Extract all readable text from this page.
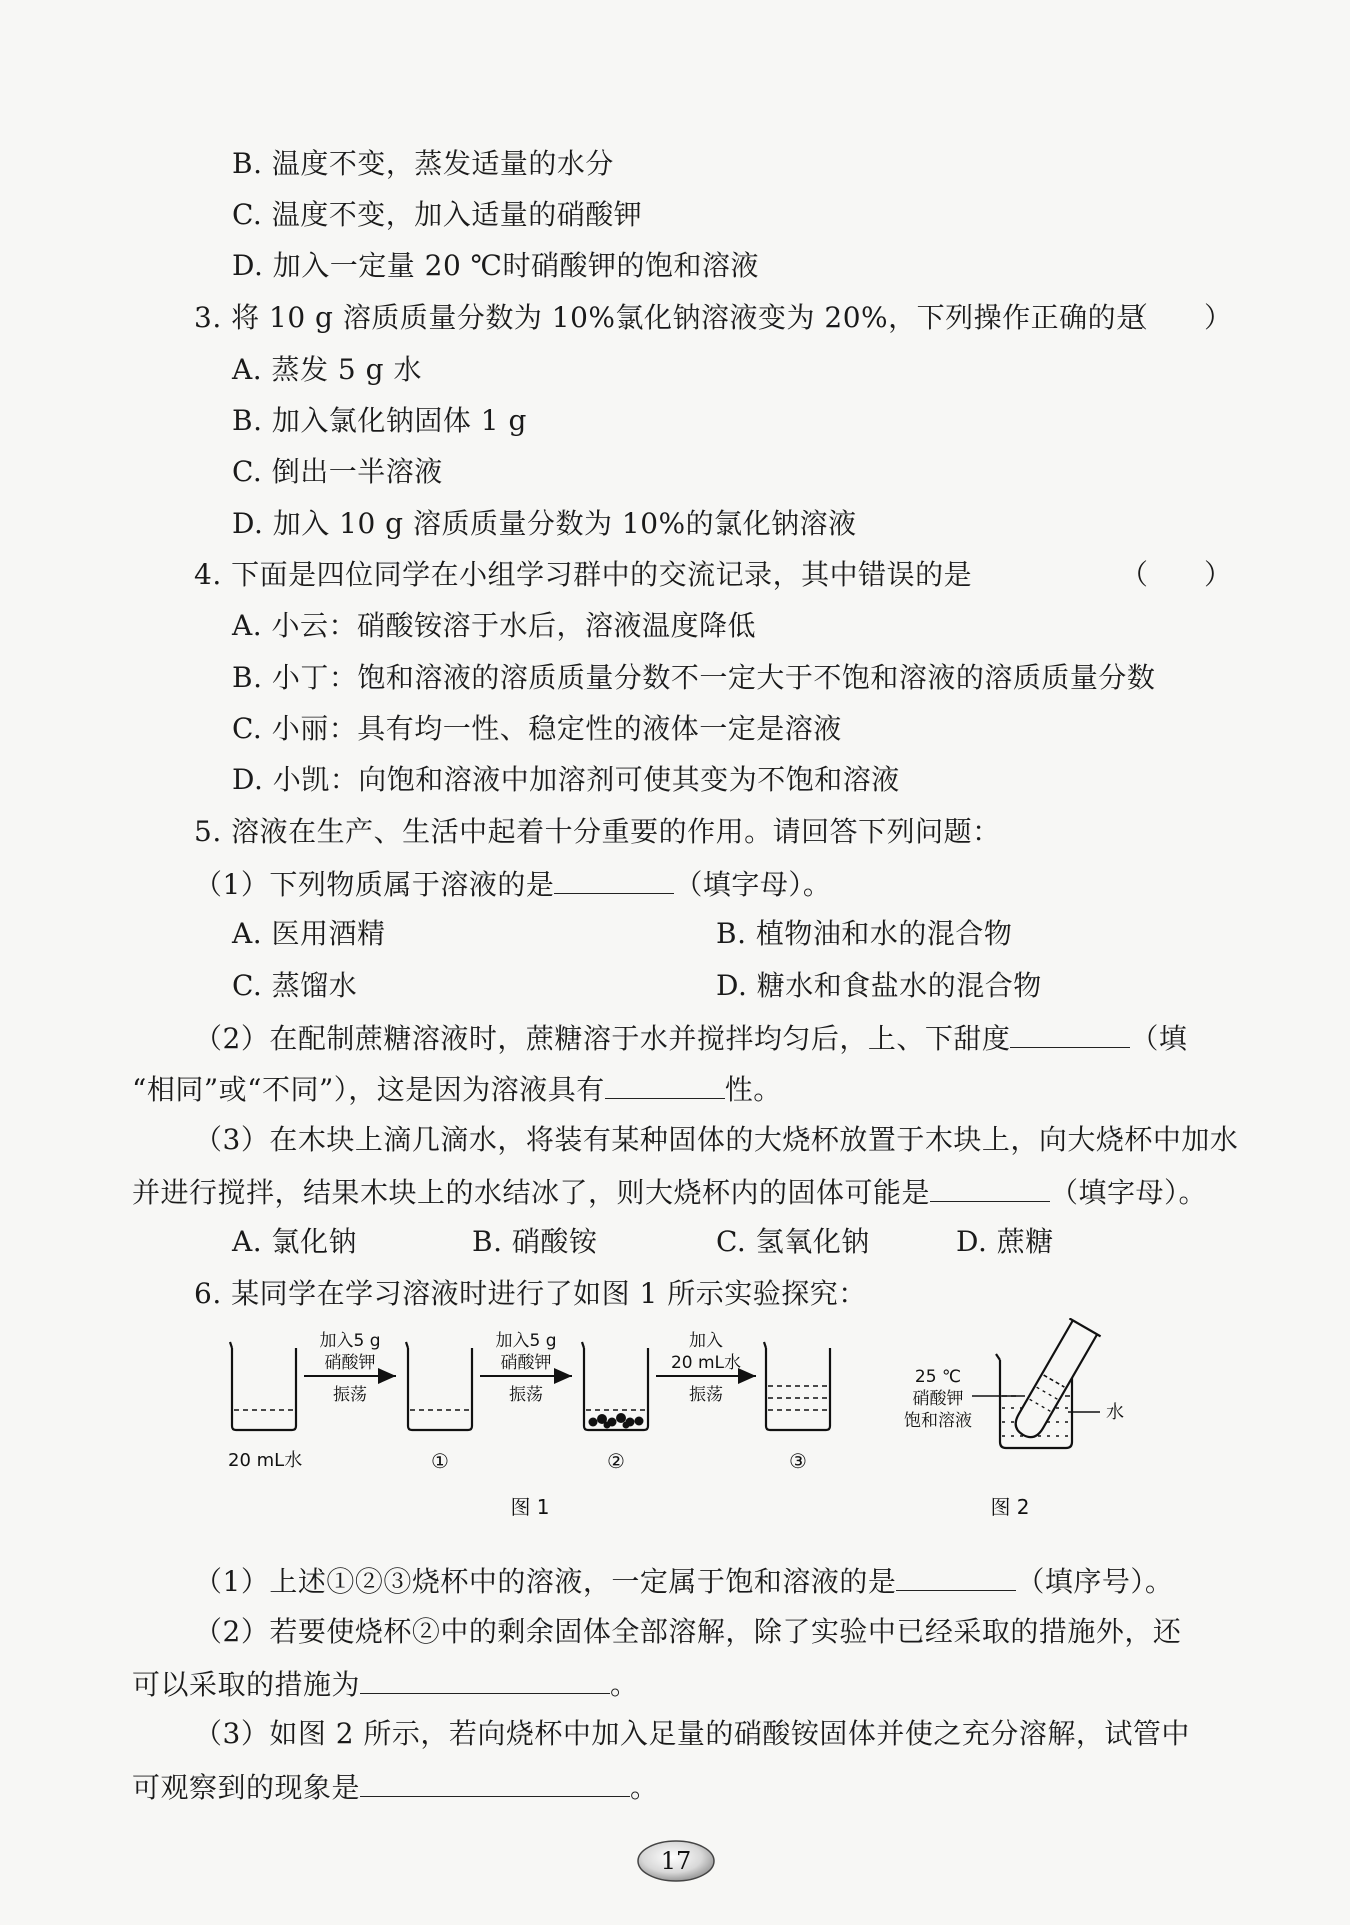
B. 温度不变，蒸发适量的水分
C. 温度不变，加入适量的硝酸钾
D. 加入一定量 20 ℃时硝酸钾的饱和溶液
3. 将 10 g 溶质质量分数为 10%氯化钠溶液变为 20%，下列操作正确的是
（　　）
A. 蒸发 5 g 水
B. 加入氯化钠固体 1 g
C. 倒出一半溶液
D. 加入 10 g 溶质质量分数为 10%的氯化钠溶液
4. 下面是四位同学在小组学习群中的交流记录，其中错误的是	（　　）
A. 小云：硝酸铵溶于水后，溶液温度降低
B. 小丁：饱和溶液的溶质质量分数不一定大于不饱和溶液的溶质质量分数
C. 小丽：具有均一性、稳定性的液体一定是溶液
D. 小凯：向饱和溶液中加溶剂可使其变为不饱和溶液
5. 溶液在生产、生活中起着十分重要的作用。请回答下列问题：
（1）下列物质属于溶液的是	（填字母）。
A. 医用酒精	B. 植物油和水的混合物
C. 蒸馏水	D. 糖水和食盐水的混合物
（2）在配制蔗糖溶液时，蔗糖溶于水并搅拌均匀后，上、下甜度	（填
“相同”或“不同”），这是因为溶液具有	性。
（3）在木块上滴几滴水，将装有某种固体的大烧杯放置于木块上，向大烧杯中加水
并进行搅拌，结果木块上的水结冰了，则大烧杯内的固体可能是	（填字母）。
A. 氯化钠	B. 硝酸铵	C. 氢氧化钠	D. 蔗糖
6. 某同学在学习溶液时进行了如图 1 所示实验探究：
20 mL水
加入5 g
硝酸钾
振荡
①
加入5 g
硝酸钾
振荡
②
加入
20 mL水
振荡
③
图 1
25 ℃
硝酸钾
饱和溶液	水
图 2
（1）上述①②③烧杯中的溶液，一定属于饱和溶液的是	（填序号）。
（2）若要使烧杯②中的剩余固体全部溶解，除了实验中已经采取的措施外，还
可以采取的措施为	。
（3）如图 2 所示，若向烧杯中加入足量的硝酸铵固体并使之充分溶解，试管中
可观察到的现象是	。
17
